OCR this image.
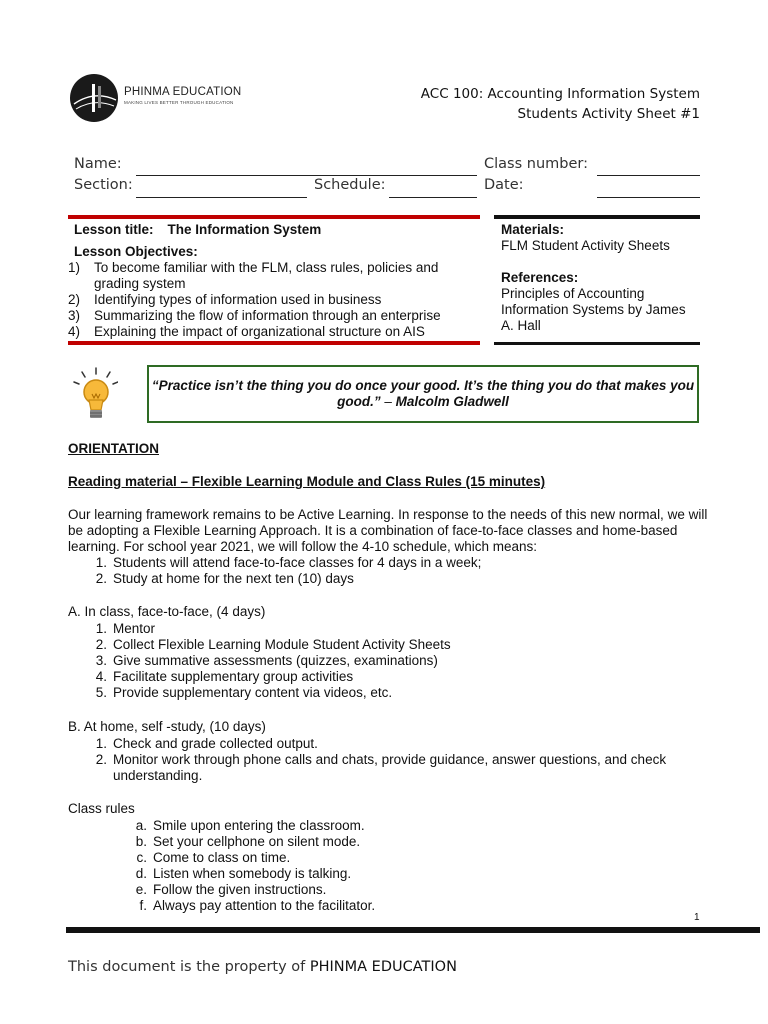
PHINMA EDUCATION
MAKING LIVES BETTER THROUGH EDUCATION
ACC 100: Accounting Information System
Students Activity Sheet #1
Name:	Class number:
Section:	Schedule:	Date:
Lesson title: The Information System
Lesson Objectives:
1)	To become familiar with the FLM, class rules, policies and grading system
2)	Identifying types of information used in business
3)	Summarizing the flow of information through an enterprise
4)	Explaining the impact of organizational structure on AIS
Materials:
FLM Student Activity Sheets
References:
Principles of Accounting Information Systems by James A. Hall
“Practice isn’t the thing you do once your good. It’s the thing you do that makes you good.” – Malcolm Gladwell
ORIENTATION
Reading material – Flexible Learning Module and Class Rules (15 minutes)
Our learning framework remains to be Active Learning. In response to the needs of this new normal, we will be adopting a Flexible Learning Approach. It is a combination of face-to-face classes and home-based learning. For school year 2021, we will follow the 4-10 schedule, which means:
1. Students will attend face-to-face classes for 4 days in a week;
2. Study at home for the next ten (10) days
A. In class, face-to-face, (4 days)
1. Mentor
2. Collect Flexible Learning Module Student Activity Sheets
3. Give summative assessments (quizzes, examinations)
4. Facilitate supplementary group activities
5. Provide supplementary content via videos, etc.
B. At home, self -study, (10 days)
1. Check and grade collected output.
2. Monitor work through phone calls and chats, provide guidance, answer questions, and check understanding.
Class rules
a. Smile upon entering the classroom.
b. Set your cellphone on silent mode.
c. Come to class on time.
d. Listen when somebody is talking.
e. Follow the given instructions.
f. Always pay attention to the facilitator.
1
This document is the property of PHINMA EDUCATION
